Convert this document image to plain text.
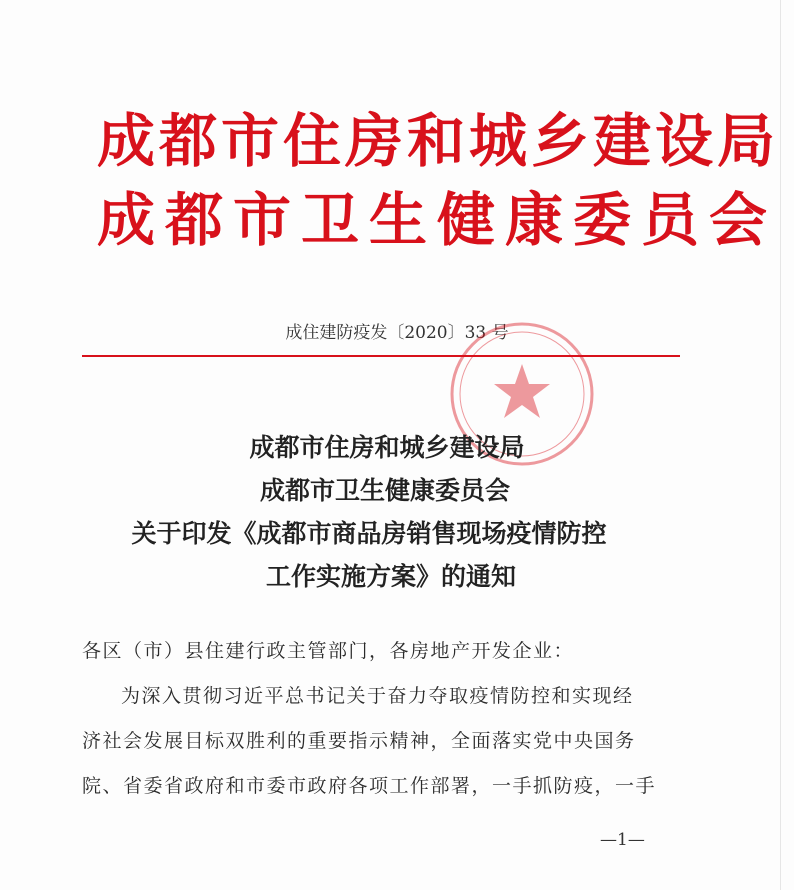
成都市住房和城乡建设局
成都市卫生健康委员会
成住建防疫发〔2020〕33 号
成都市住房和城乡建设局
成都市卫生健康委员会
关于印发《成都市商品房销售现场疫情防控
工作实施方案》的通知
各区（市）县住建行政主管部门，各房地产开发企业：
为深入贯彻习近平总书记关于奋力夺取疫情防控和实现经
济社会发展目标双胜利的重要指示精神，全面落实党中央国务
院、省委省政府和市委市政府各项工作部署，一手抓防疫，一手
—1—
